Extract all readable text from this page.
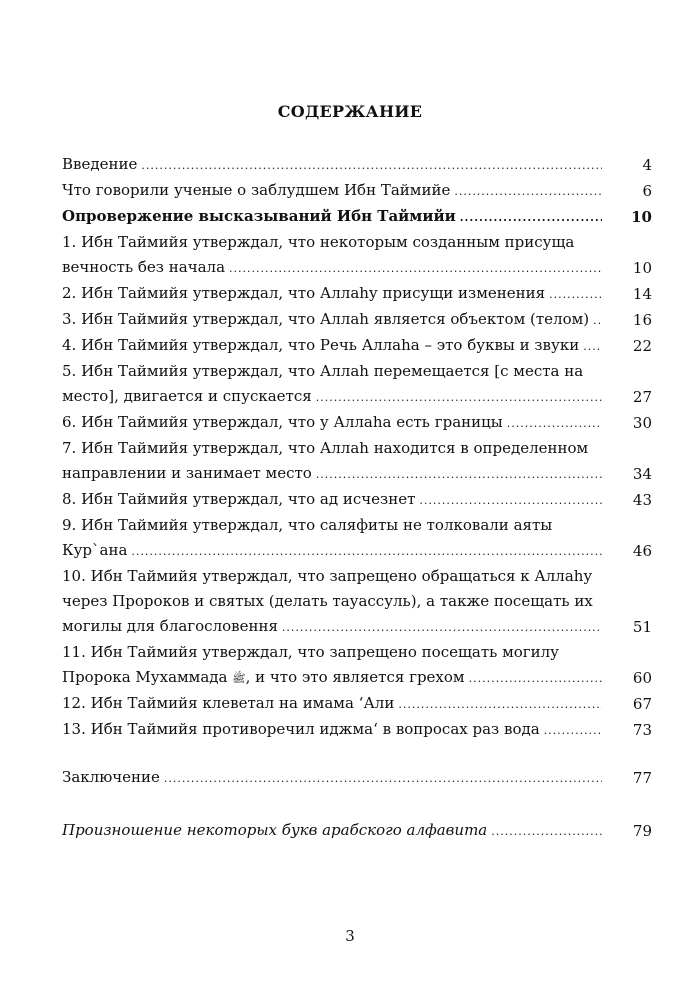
СОДЕРЖАНИЕ
Введение .....	4
Что говорили ученые о заблудшем Ибн Таймийе .....	6
Опровержение высказываний Ибн Таймийи .....	10
1. Ибн Таймийя утверждал, что некоторым созданным присуща
вечность без начала .....	10
2. Ибн Таймийя утверждал, что Аллаhу присущи изменения .....	14
3. Ибн Таймийя утверждал, что Аллаh является объектом (телом) .....	16
4. Ибн Таймийя утверждал, что Речь Аллаhа – это буквы и звуки .....	22
5. Ибн Таймийя утверждал, что Аллаh перемещается [с места на
место], двигается и спускается .....	27
6. Ибн Таймийя утверждал, что у Аллаhа есть границы .....	30
7. Ибн Таймийя утверждал, что Аллаh находится в определенном
направлении и занимает место .....	34
8. Ибн Таймийя утверждал, что ад исчезнет .....	43
9. Ибн Таймийя утверждал, что саляфиты не толковали аяты
Кур`ана .....	46
10. Ибн Таймийя утверждал, что запрещено обращаться к Аллаhу
через Пророков и святых (делать тауассуль), а также посещать их
могилы для благословення .....	51
11. Ибн Таймийя утверждал, что запрещено посещать могилу
Пророка Мухаммада
ﷺ , и что это является грехом .....	60
12. Ибн Таймийя клеветал на имама ‘Али .....	67
13. Ибн Таймийя противоречил иджма‘ в вопросах раз вода .....	73
Заключение .....	77
Произношение некоторых букв арабского алфавита .....	79
3
